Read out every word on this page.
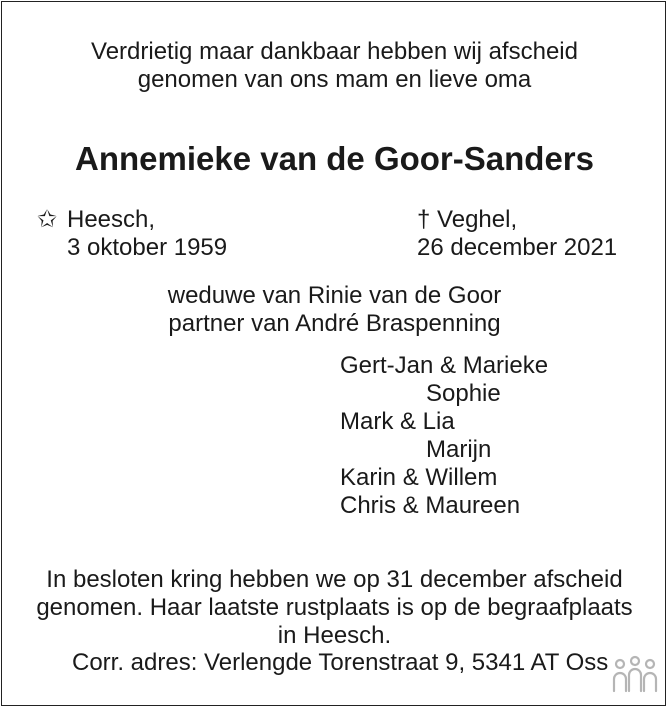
Verdrietig maar dankbaar hebben wij afscheid
genomen van ons mam en lieve oma
Annemieke van de Goor-Sanders
✩ Heesch,
3 oktober 1959
† Veghel,
26 december 2021
weduwe van Rinie van de Goor
partner van André Braspenning
Gert-Jan & Marieke
Sophie
Mark & Lia
Marijn
Karin & Willem
Chris & Maureen
In besloten kring hebben we op 31 december afscheid
genomen. Haar laatste rustplaats is op de begraafplaats
in Heesch.
Corr. adres: Verlengde Torenstraat 9, 5341 AT Oss
